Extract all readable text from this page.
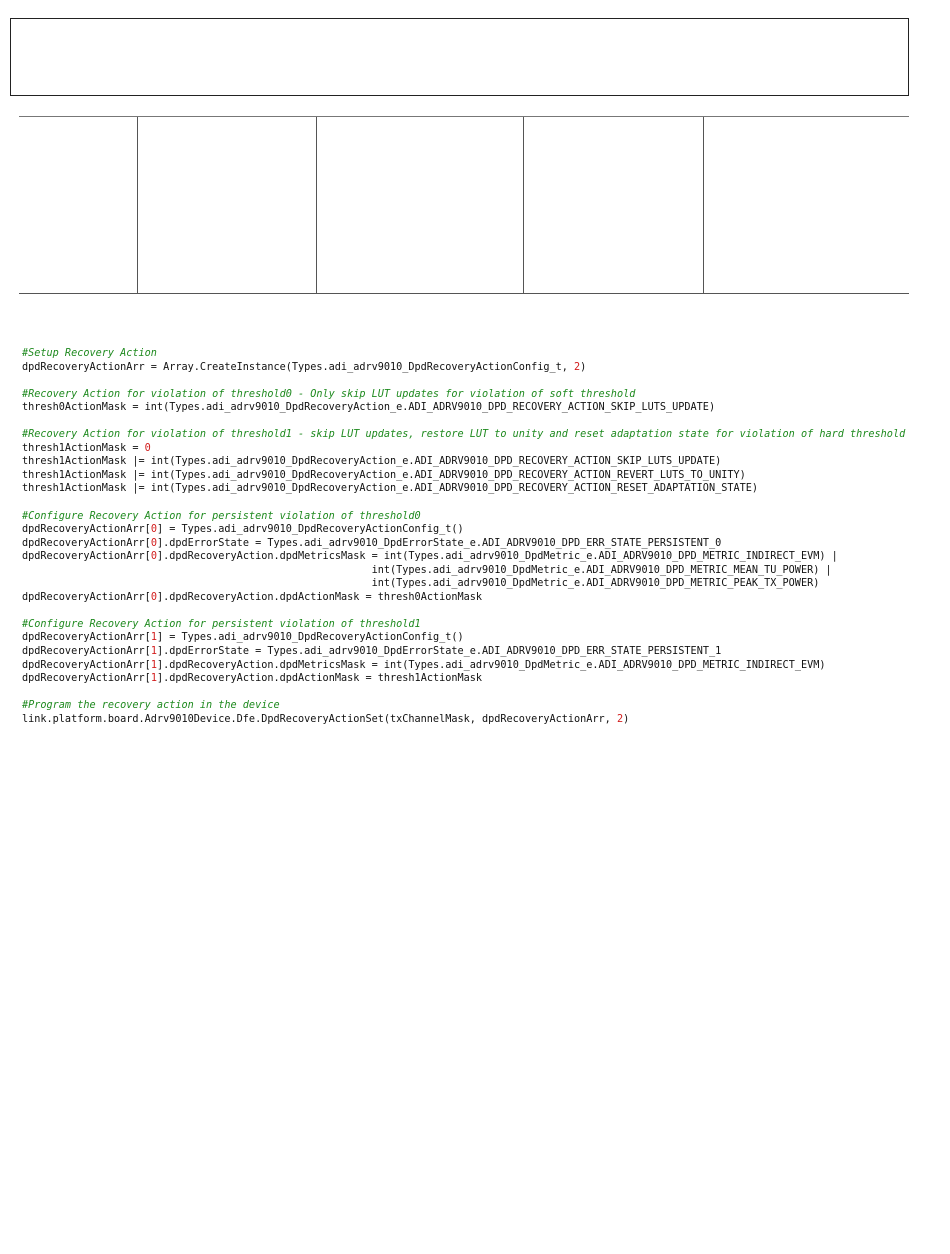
#Setup Recovery Action
dpdRecoveryActionArr = Array.CreateInstance(Types.adi_adrv9010_DpdRecoveryActionConfig_t, 2)
#Recovery Action for violation of threshold0 - Only skip LUT updates for violation of soft threshold
thresh0ActionMask = int(Types.adi_adrv9010_DpdRecoveryAction_e.ADI_ADRV9010_DPD_RECOVERY_ACTION_SKIP_LUTS_UPDATE)
#Recovery Action for violation of threshold1 - skip LUT updates, restore LUT to unity and reset adaptation state for violation of hard threshold
thresh1ActionMask = 0
thresh1ActionMask |= int(Types.adi_adrv9010_DpdRecoveryAction_e.ADI_ADRV9010_DPD_RECOVERY_ACTION_SKIP_LUTS_UPDATE)
thresh1ActionMask |= int(Types.adi_adrv9010_DpdRecoveryAction_e.ADI_ADRV9010_DPD_RECOVERY_ACTION_REVERT_LUTS_TO_UNITY)
thresh1ActionMask |= int(Types.adi_adrv9010_DpdRecoveryAction_e.ADI_ADRV9010_DPD_RECOVERY_ACTION_RESET_ADAPTATION_STATE)
#Configure Recovery Action for persistent violation of threshold0
dpdRecoveryActionArr[0] = Types.adi_adrv9010_DpdRecoveryActionConfig_t()
dpdRecoveryActionArr[0].dpdErrorState = Types.adi_adrv9010_DpdErrorState_e.ADI_ADRV9010_DPD_ERR_STATE_PERSISTENT_0
dpdRecoveryActionArr[0].dpdRecoveryAction.dpdMetricsMask = int(Types.adi_adrv9010_DpdMetric_e.ADI_ADRV9010_DPD_METRIC_INDIRECT_EVM) |
int(Types.adi_adrv9010_DpdMetric_e.ADI_ADRV9010_DPD_METRIC_MEAN_TU_POWER) |
int(Types.adi_adrv9010_DpdMetric_e.ADI_ADRV9010_DPD_METRIC_PEAK_TX_POWER)
dpdRecoveryActionArr[0].dpdRecoveryAction.dpdActionMask = thresh0ActionMask
#Configure Recovery Action for persistent violation of threshold1
dpdRecoveryActionArr[1] = Types.adi_adrv9010_DpdRecoveryActionConfig_t()
dpdRecoveryActionArr[1].dpdErrorState = Types.adi_adrv9010_DpdErrorState_e.ADI_ADRV9010_DPD_ERR_STATE_PERSISTENT_1
dpdRecoveryActionArr[1].dpdRecoveryAction.dpdMetricsMask = int(Types.adi_adrv9010_DpdMetric_e.ADI_ADRV9010_DPD_METRIC_INDIRECT_EVM)
dpdRecoveryActionArr[1].dpdRecoveryAction.dpdActionMask = thresh1ActionMask
#Program the recovery action in the device
link.platform.board.Adrv9010Device.Dfe.DpdRecoveryActionSet(txChannelMask, dpdRecoveryActionArr, 2)
